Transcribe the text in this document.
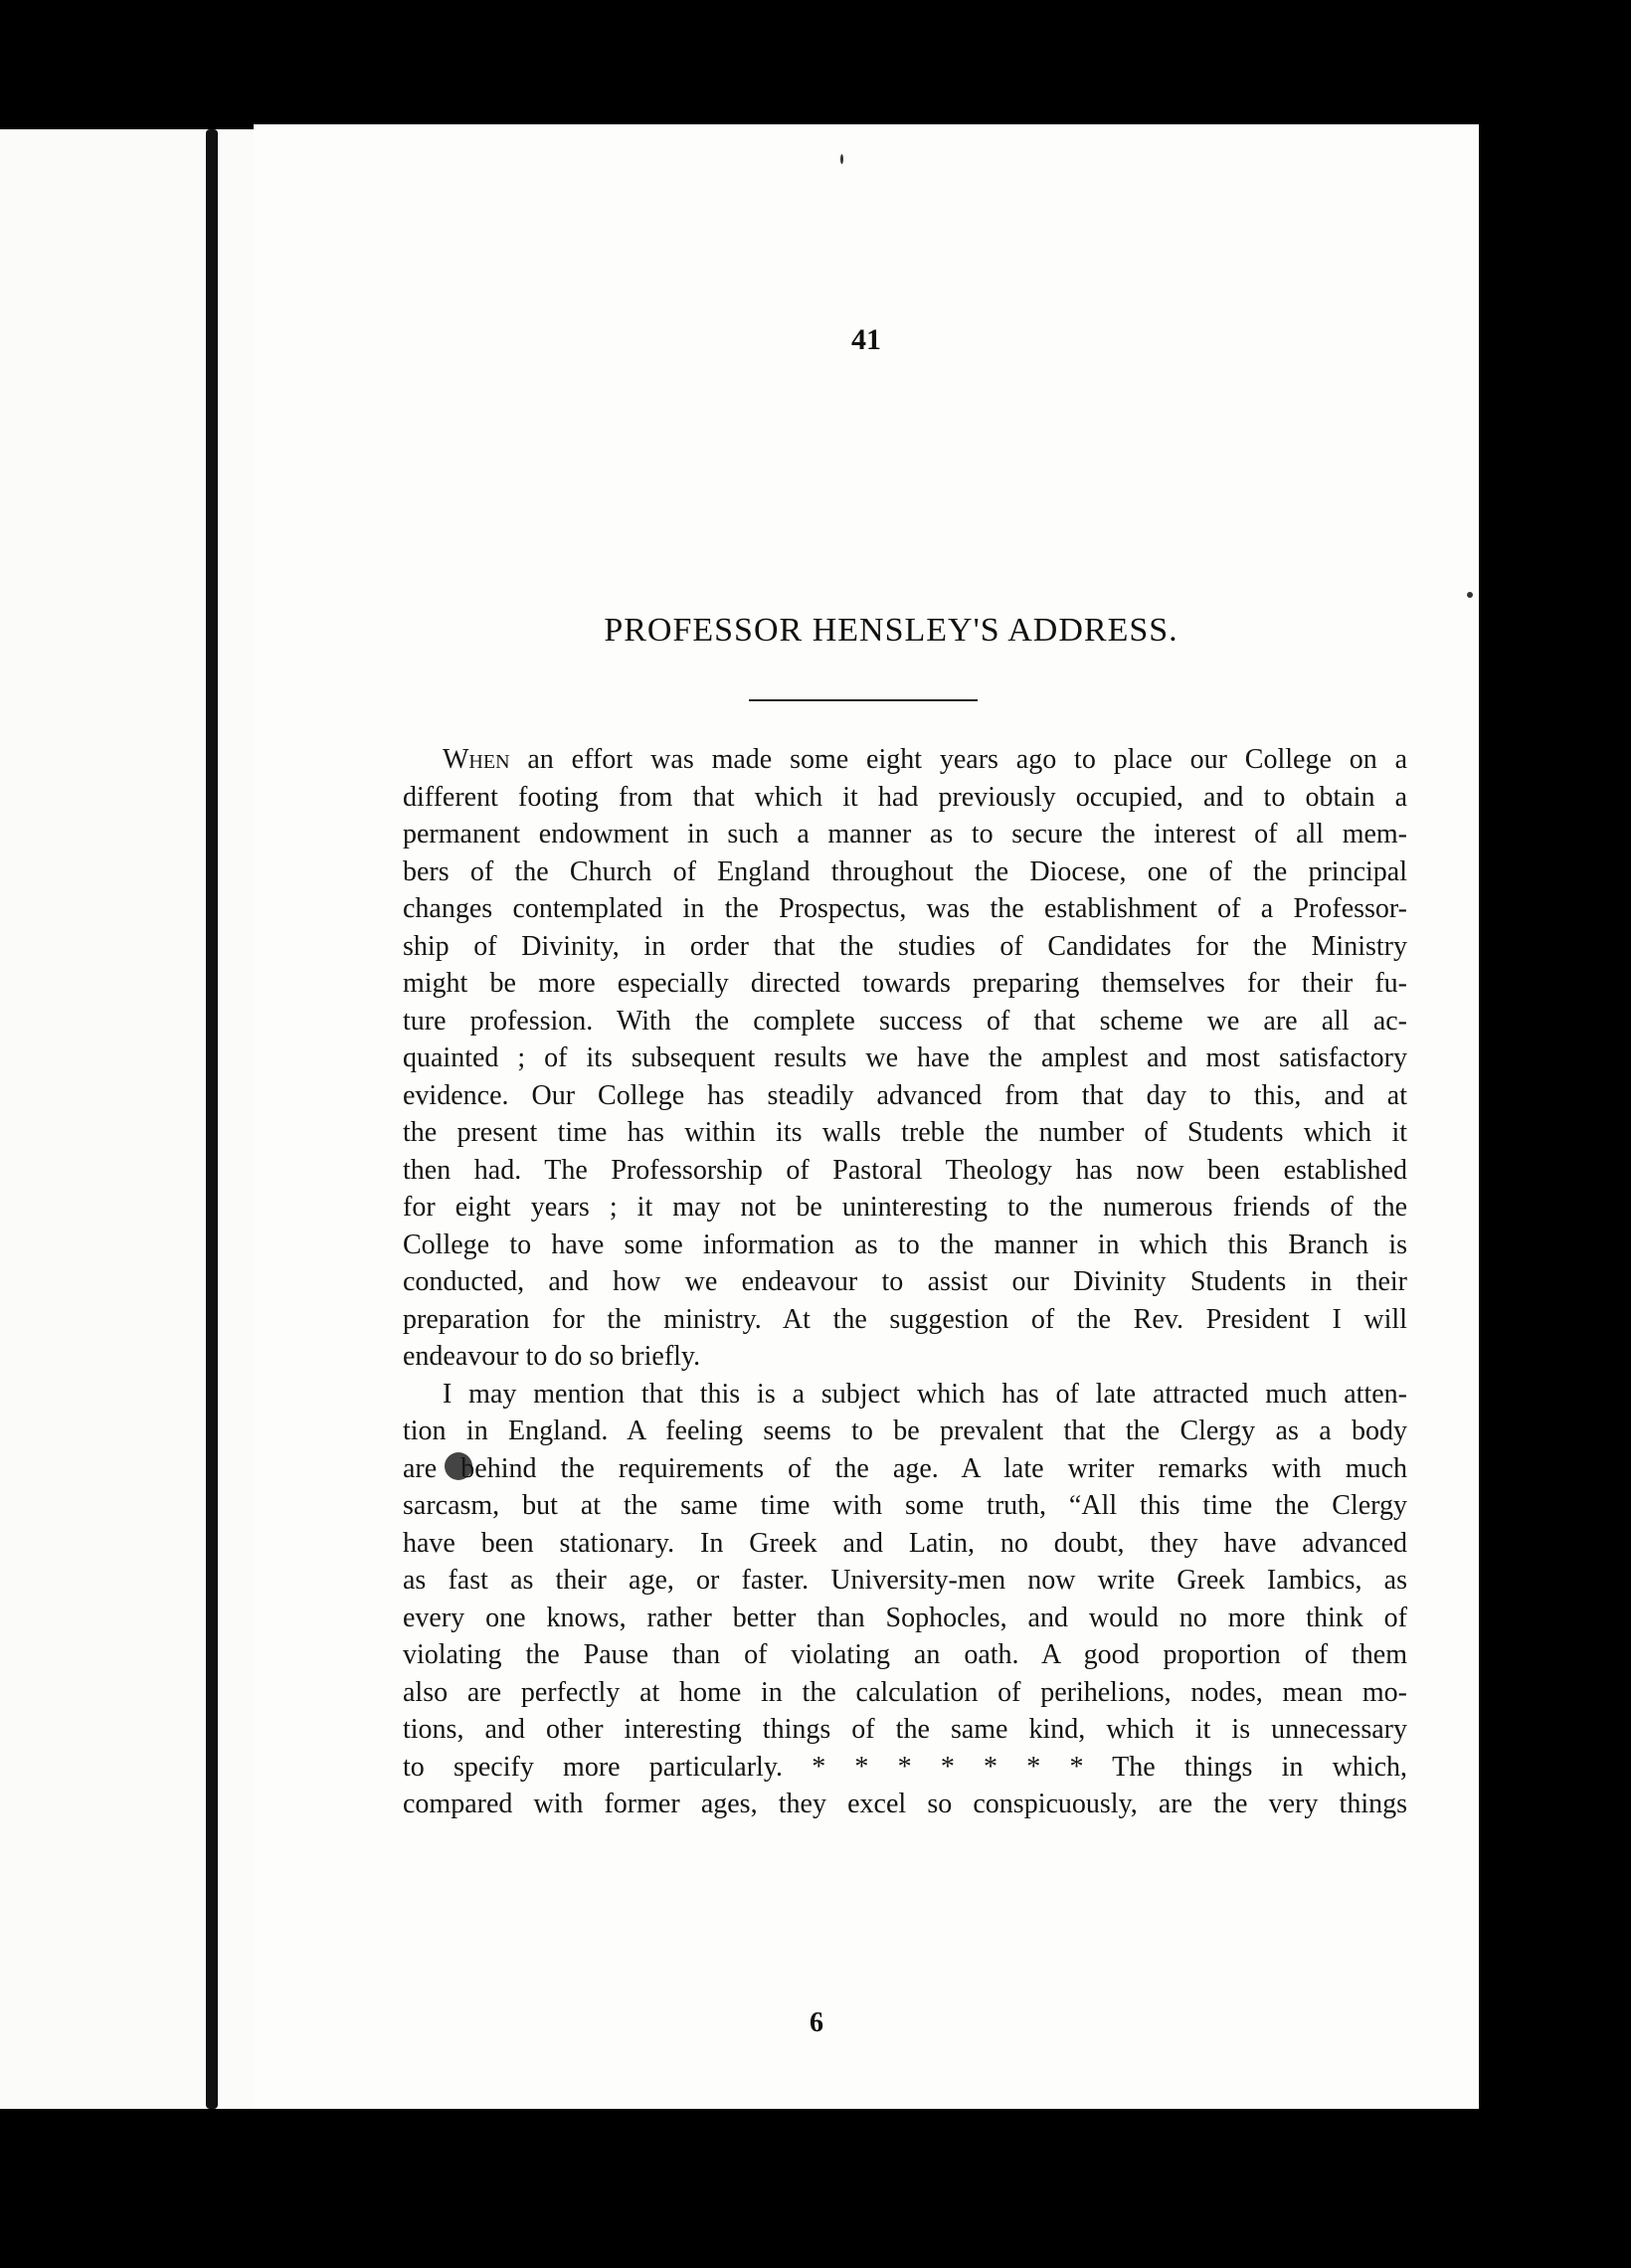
41
PROFESSOR HENSLEY'S ADDRESS.
When an effort was made some eight years ago to place our College on a
different footing from that which it had previously occupied, and to obtain a
permanent endowment in such a manner as to secure the interest of all mem-
bers of the Church of England throughout the Diocese, one of the principal
changes contemplated in the Prospectus, was the establishment of a Professor-
ship of Divinity, in order that the studies of Candidates for the Ministry
might be more especially directed towards preparing themselves for their fu-
ture profession. With the complete success of that scheme we are all ac-
quainted ; of its subsequent results we have the amplest and most satisfactory
evidence. Our College has steadily advanced from that day to this, and at
the present time has within its walls treble the number of Students which it
then had. The Professorship of Pastoral Theology has now been established
for eight years ; it may not be uninteresting to the numerous friends of the
College to have some information as to the manner in which this Branch is
conducted, and how we endeavour to assist our Divinity Students in their
preparation for the ministry. At the suggestion of the Rev. President I will
endeavour to do so briefly.
I may mention that this is a subject which has of late attracted much atten-
tion in England. A feeling seems to be prevalent that the Clergy as a body
are behind the requirements of the age. A late writer remarks with much
sarcasm, but at the same time with some truth, “All this time the Clergy
have been stationary. In Greek and Latin, no doubt, they have advanced
as fast as their age, or faster. University-men now write Greek Iambics, as
every one knows, rather better than Sophocles, and would no more think of
violating the Pause than of violating an oath. A good proportion of them
also are perfectly at home in the calculation of perihelions, nodes, mean mo-
tions, and other interesting things of the same kind, which it is unnecessary
to specify more particularly. * * * * * * * The things in which,
compared with former ages, they excel so conspicuously, are the very things
6
